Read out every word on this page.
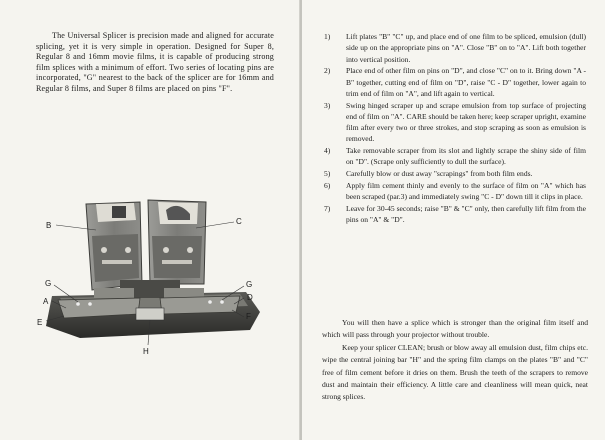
The Universal Splicer is precision made and aligned for accurate splicing, yet it is very simple in operation. Designed for Super 8, Regular 8 and 16mm movie films, it is capable of producing strong film splices with a minimum of effort. Two series of locating pins are incorporated, "G" nearest to the back of the splicer are for 16mm and Regular 8 films, and Super 8 films are placed on pins "F".

B	C
G
A
E
G
D
F
H
1)	Lift plates "B" "C" up, and place end of one film to be spliced, emulsion (dull) side up on the appropriate pins on "A". Close "B" on to "A". Lift both together into vertical position.
2)	Place end of other film on pins on "D", and close "C" on to it. Bring down "A - B" together, cutting end of film on "D", raise "C - D" together, lower again to trim end of film on "A", and lift again to vertical.
3)	Swing hinged scraper up and scrape emulsion from top surface of projecting end of film on "A". CARE should be taken here; keep scraper upright, examine film after every two or three strokes, and stop scraping as soon as emulsion is removed.
4)	Take removable scraper from its slot and lightly scrape the shiny side of film on "D". (Scrape only sufficiently to dull the surface).
5)	Carefully blow or dust away "scrapings" from both film ends.
6)	Apply film cement thinly and evenly to the surface of film on "A" which has been scraped (par.3) and immediately swing "C - D" down till it clips in place.
7)	Leave for 30-45 seconds; raise "B" & "C" only, then carefully lift film from the pins on "A" & "D".

You will then have a splice which is stronger than the original film itself and which will pass through your projector without trouble.

Keep your splicer CLEAN; brush or blow away all emulsion dust, film chips etc. wipe the central joining bar "H" and the spring film clamps on the plates "B" and "C" free of film cement before it dries on them. Brush the teeth of the scrapers to remove dust and maintain their efficiency. A little care and cleanliness will mean quick, neat strong splices.
